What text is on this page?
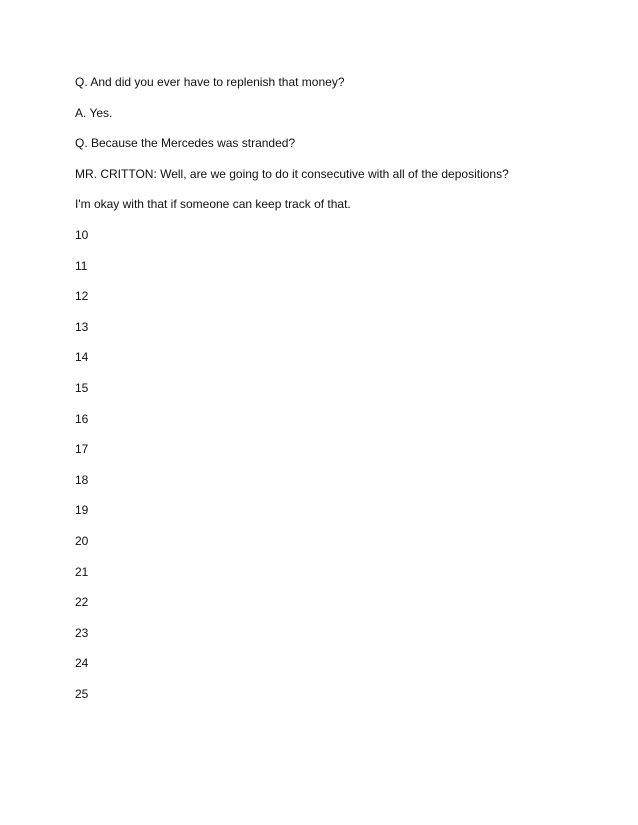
Q. And did you ever have to replenish that money?
A. Yes.
Q. Because the Mercedes was stranded?
MR. CRITTON: Well, are we going to do it consecutive with all of the depositions?
I'm okay with that if someone can keep track of that.
10
11
12
13
14
15
16
17
18
19
20
21
22
23
24
25
